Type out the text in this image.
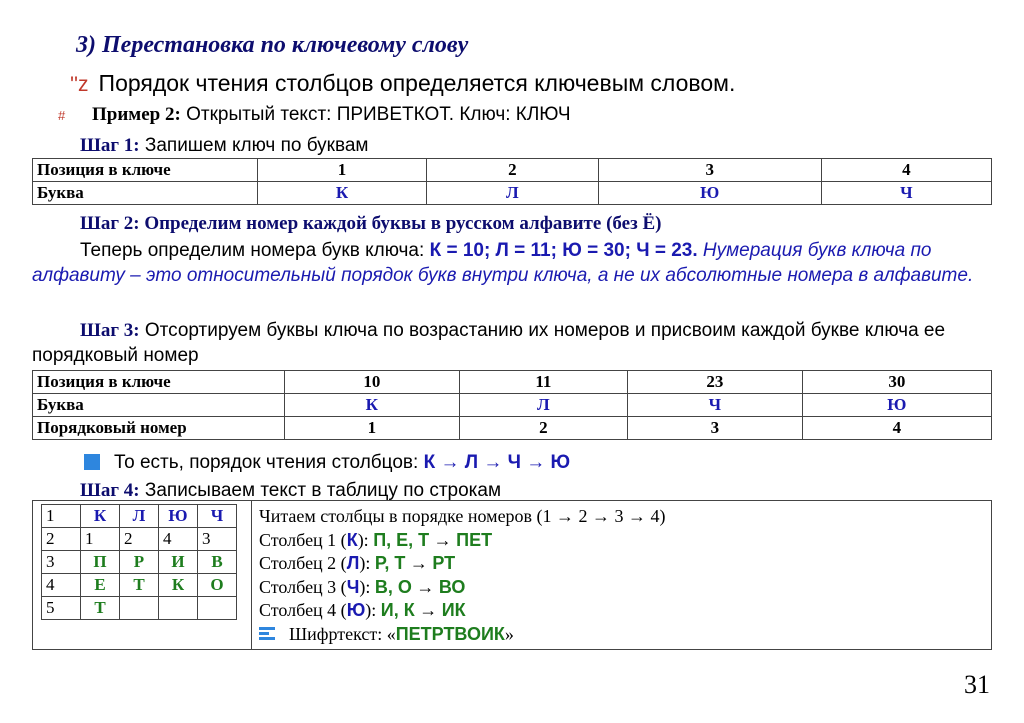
3) Перестановка по ключевому слову
''z Порядок чтения столбцов определяется ключевым словом.
# Пример 2: Открытый текст: ПРИВЕТКОТ. Ключ: КЛЮЧ
Шаг 1: Запишем ключ по буквам
Позиция в ключе	1	2	3	4
Буква	К	Л	Ю	Ч
Шаг 2: Определим номер каждой буквы в русском алфавите (без Ё)
Теперь определим номера букв ключа: К = 10; Л = 11; Ю = 30; Ч = 23. Нумерация букв ключа по алфавиту – это относительный порядок букв внутри ключа, а не их абсолютные номера в алфавите.
Шаг 3: Отсортируем буквы ключа по возрастанию их номеров и присвоим каждой букве ключа ее порядковый номер
Позиция в ключе	10	11	23	30
Буква	К	Л	Ч	Ю
Порядковый номер	1	2	3	4
То есть, порядок чтения столбцов: К → Л → Ч → Ю
Шаг 4: Записываем текст в таблицу по строкам
1	К	Л	Ю	Ч
2	1	2	4	3
3	П	Р	И	В
4	Е	Т	К	О
5	Т			
Читаем столбцы в порядке номеров (1 → 2 → 3 → 4)
Столбец 1 (К): П, Е, Т → ПЕТ
Столбец 2 (Л): Р, Т → РТ
Столбец 3 (Ч): В, О → ВО
Столбец 4 (Ю): И, К → ИК
Шифртекст: «ПЕТРТВОИК»
31
